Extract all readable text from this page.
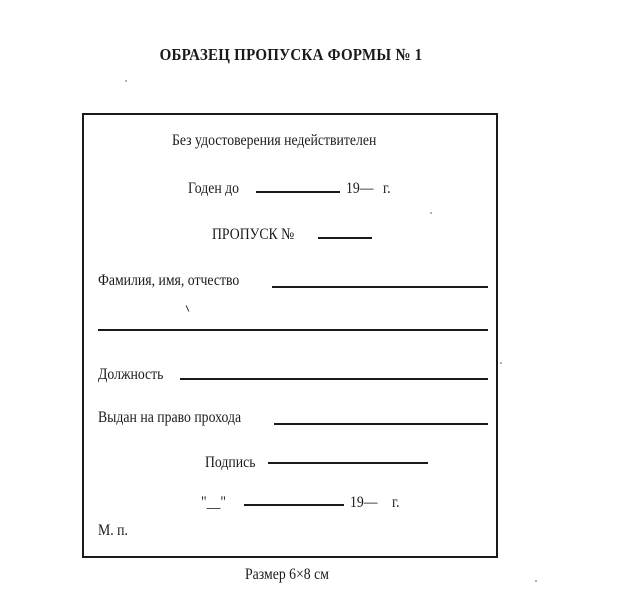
ОБРАЗЕЦ ПРОПУСКА ФОРМЫ № 1
Без удостоверения недействителен
Годен до	19— г.
ПРОПУСК №
Фамилия, имя, отчество
Должность
Выдан на право прохода
Подпись
"__"	19— г.
М. п.
Размер 6×8 см
